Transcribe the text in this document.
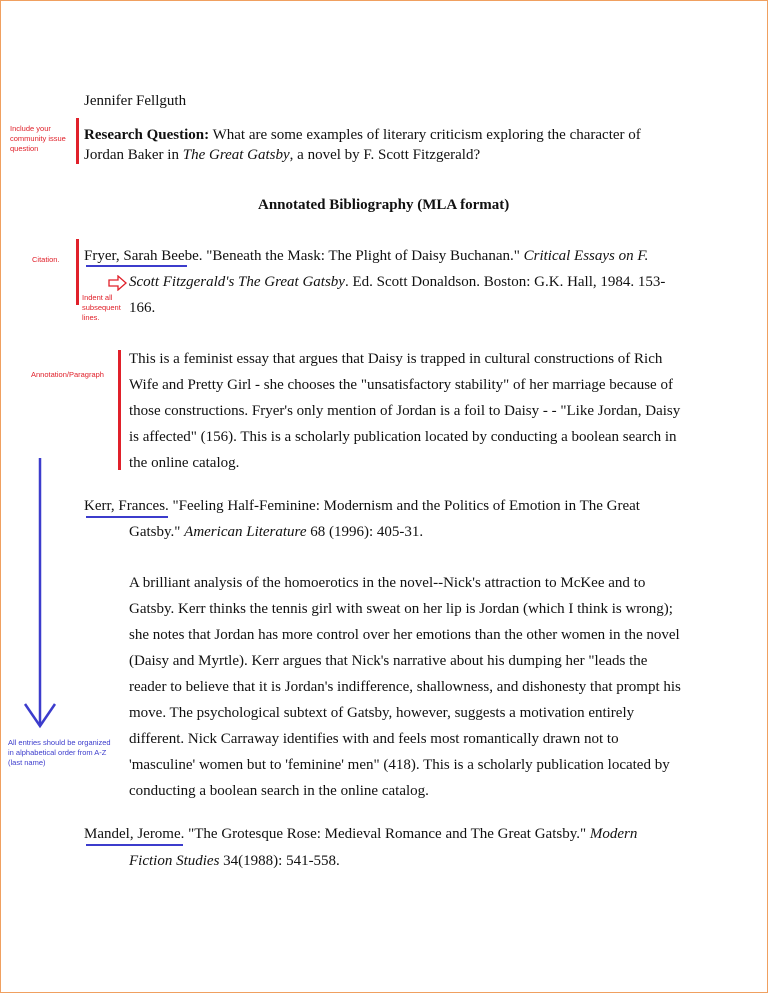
Jennifer Fellguth
Include your
community issue
question
Research Question: What are some examples of literary criticism exploring the character of
Jordan Baker in The Great Gatsby, a novel by F. Scott Fitzgerald?
Annotated Bibliography (MLA format)
Citation.
Indent all
subsequent
lines.
Fryer, Sarah Beebe. "Beneath the Mask: The Plight of Daisy Buchanan." Critical Essays on F.
Scott Fitzgerald's The Great Gatsby. Ed. Scott Donaldson. Boston: G.K. Hall, 1984. 153-
166.
Annotation/Paragraph
This is a feminist essay that argues that Daisy is trapped in cultural constructions of Rich
Wife and Pretty Girl - she chooses the "unsatisfactory stability" of her marriage because of
those constructions. Fryer's only mention of Jordan is a foil to Daisy - - "Like Jordan, Daisy
is affected" (156). This is a scholarly publication located by conducting a boolean search in
the online catalog.
All entries should be organized
in alphabetical order from A-Z
(last name)
Kerr, Frances. "Feeling Half-Feminine: Modernism and the Politics of Emotion in The Great
Gatsby." American Literature 68 (1996): 405-31.
A brilliant analysis of the homoerotics in the novel--Nick's attraction to McKee and to
Gatsby. Kerr thinks the tennis girl with sweat on her lip is Jordan (which I think is wrong);
she notes that Jordan has more control over her emotions than the other women in the novel
(Daisy and Myrtle). Kerr argues that Nick's narrative about his dumping her "leads the
reader to believe that it is Jordan's indifference, shallowness, and dishonesty that prompt his
move. The psychological subtext of Gatsby, however, suggests a motivation entirely
different. Nick Carraway identifies with and feels most romantically drawn not to
'masculine' women but to 'feminine' men" (418). This is a scholarly publication located by
conducting a boolean search in the online catalog.
Mandel, Jerome. "The Grotesque Rose: Medieval Romance and The Great Gatsby." Modern
Fiction Studies 34(1988): 541-558.
